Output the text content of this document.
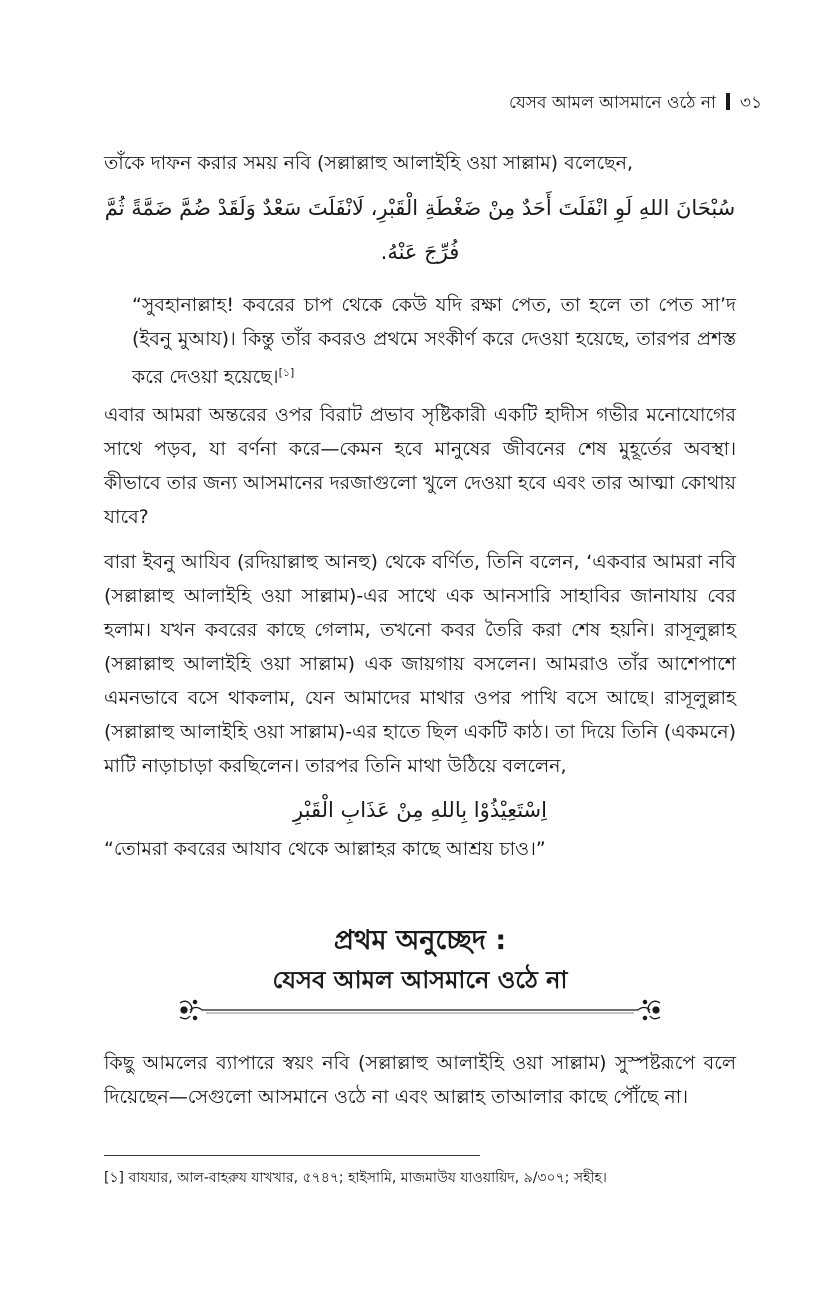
যেসব আমল আসমানে ওঠে না ৩১

তাঁকে দাফন করার সময় নবি (সল্লাল্লাহু আলাইহি ওয়া সাল্লাম) বলেছেন,

سُبْحَانَ اللهِ لَوِ انْفَلَتَ أَحَدٌ مِنْ ضَغْطَةِ الْقَبْرِ، لَانْفَلَتَ سَعْدٌ وَلَقَدْ ضُمَّ ضَمَّةً ثُمَّ

فُرِّجَ عَنْهُ.

“সুবহানাল্লাহ! কবরের চাপ থেকে কেউ যদি রক্ষা পেত, তা হলে তা পেত সা’দ (ইবনু মুআয)। কিন্তু তাঁর কবরও প্রথমে সংকীর্ণ করে দেওয়া হয়েছে, তারপর প্রশস্ত করে দেওয়া হয়েছে।[১]

এবার আমরা অন্তরের ওপর বিরাট প্রভাব সৃষ্টিকারী একটি হাদীস গভীর মনোযোগের সাথে পড়ব, যা বর্ণনা করে—কেমন হবে মানুষের জীবনের শেষ মুহূর্তের অবস্থা। কীভাবে তার জন্য আসমানের দরজাগুলো খুলে দেওয়া হবে এবং তার আত্মা কোথায় যাবে?

বারা ইবনু আযিব (রদিয়াল্লাহু আনহু) থেকে বর্ণিত, তিনি বলেন, ‘একবার আমরা নবি (সল্লাল্লাহু আলাইহি ওয়া সাল্লাম)-এর সাথে এক আনসারি সাহাবির জানাযায় বের হলাম। যখন কবরের কাছে গেলাম, তখনো কবর তৈরি করা শেষ হয়নি। রাসূলুল্লাহ (সল্লাল্লাহু আলাইহি ওয়া সাল্লাম) এক জায়গায় বসলেন। আমরাও তাঁর আশেপাশে এমনভাবে বসে থাকলাম, যেন আমাদের মাথার ওপর পাখি বসে আছে। রাসূলুল্লাহ (সল্লাল্লাহু আলাইহি ওয়া সাল্লাম)-এর হাতে ছিল একটি কাঠ। তা দিয়ে তিনি (একমনে) মাটি নাড়াচাড়া করছিলেন। তারপর তিনি মাথা উঠিয়ে বললেন,

اِسْتَعِيْذُوْا بِاللهِ مِنْ عَذَابِ الْقَبْرِ

“তোমরা কবরের আযাব থেকে আল্লাহর কাছে আশ্রয় চাও।”

প্রথম অনুচ্ছেদ :

যেসব আমল আসমানে ওঠে না

কিছু আমলের ব্যাপারে স্বয়ং নবি (সল্লাল্লাহু আলাইহি ওয়া সাল্লাম) সুস্পষ্টরূপে বলে দিয়েছেন—সেগুলো আসমানে ওঠে না এবং আল্লাহ তাআলার কাছে পৌঁছে না।

[১] বাযযার, আল-বাহরুয যাখখার, ৫৭৪৭; হাইসামি, মাজমাউয যাওয়ায়িদ, ৯/৩০৭; সহীহ।
